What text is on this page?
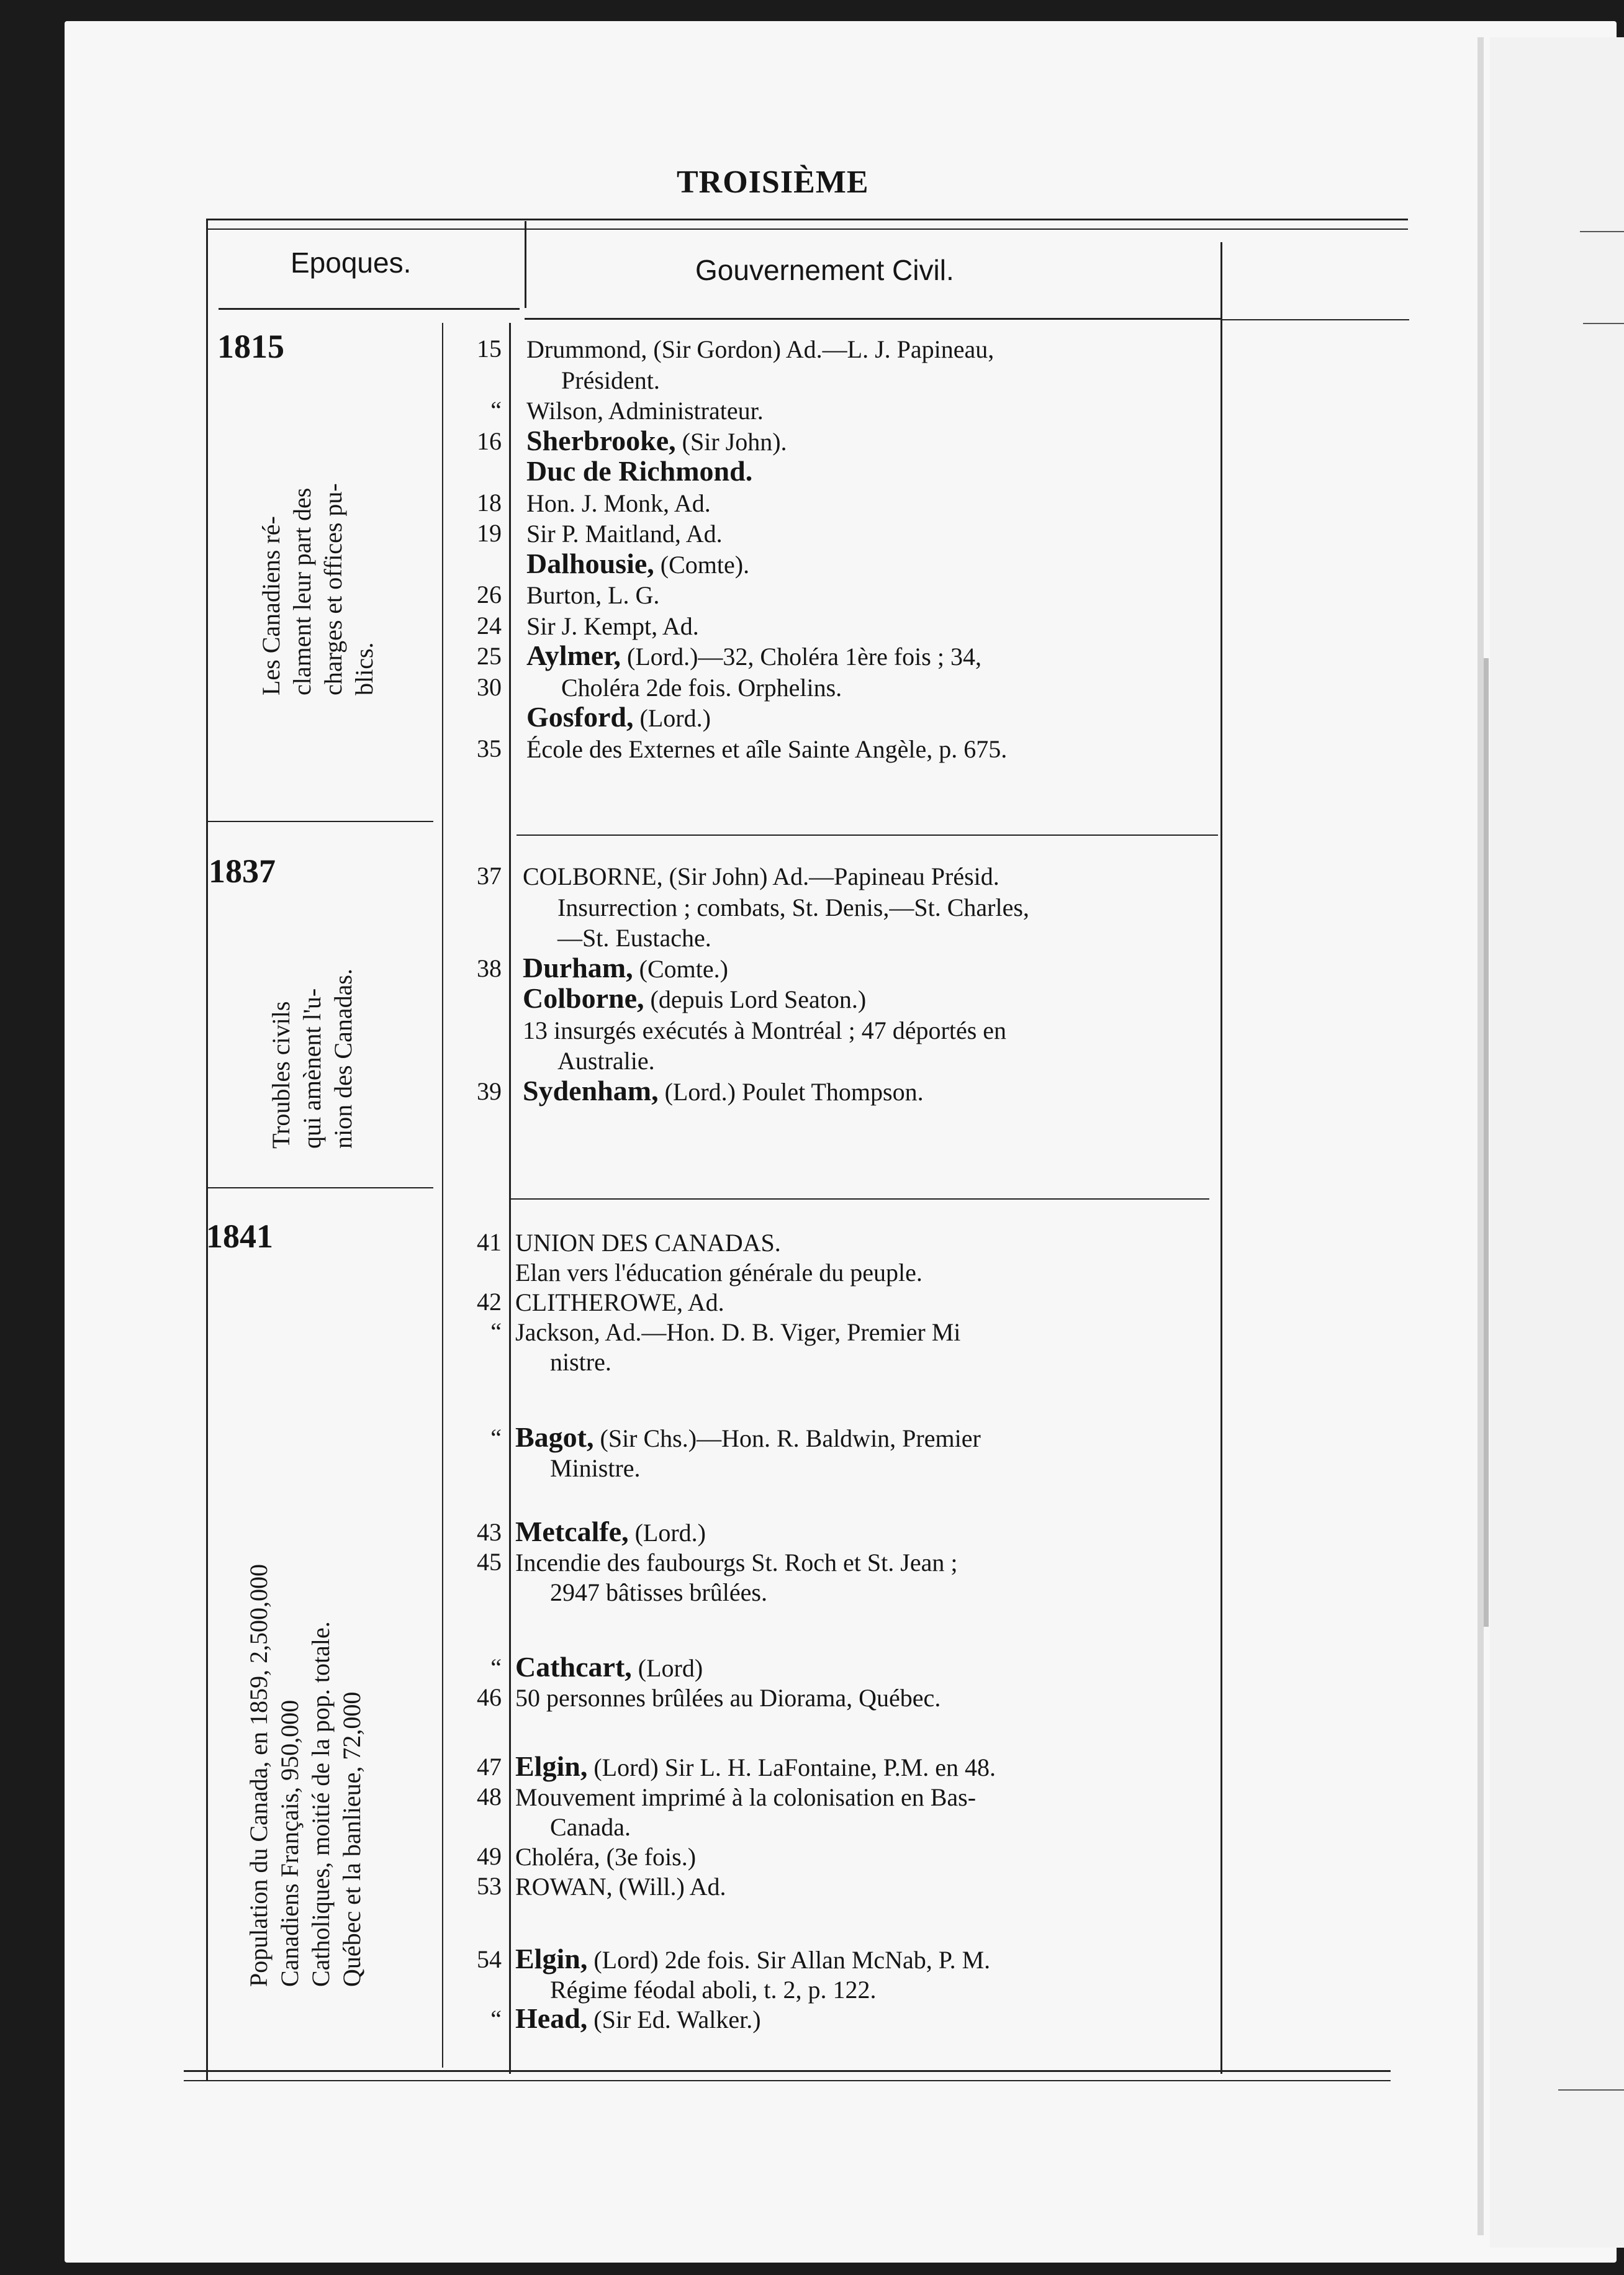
TROISIÈME
Epoques.	Gouvernement Civil.
1815
Les Canadiens ré- clament leur part des charges et offices pu- blics.
15 Drummond, (Sir Gordon) Ad.—L. J. Papineau,
Président.
“ Wilson, Administrateur.
16 Sherbrooke, (Sir John).
Duc de Richmond.
18 Hon. J. Monk, Ad.
19 Sir P. Maitland, Ad.
Dalhousie, (Comte).
26 Burton, L. G.
24 Sir J. Kempt, Ad.
25 Aylmer, (Lord.)—32, Choléra 1ère fois ; 34,
30	Choléra 2de fois. Orphelins.
Gosford, (Lord.)
35 École des Externes et aîle Sainte Angèle, p. 675.
1837
Troubles civils qui amènent l'u- nion des Canadas.
37 COLBORNE, (Sir John) Ad.—Papineau Présid.
Insurrection ; combats, St. Denis,—St. Charles,
—St. Eustache.
38 Durham, (Comte.)
Colborne, (depuis Lord Seaton.)
13 insurgés exécutés à Montréal ; 47 déportés en
Australie.
39 Sydenham, (Lord.) Poulet Thompson.
1841
Population du Canada, en 1859, 2,500,000 Canadiens Français, 950,000 Catholiques, moitié de la pop. totale. Québec et la banlieue, 72,000
41 UNION DES CANADAS.
Elan vers l'éducation générale du peuple.
42 CLITHEROWE, Ad.
“ Jackson, Ad.—Hon. D. B. Viger, Premier Mi
nistre.
“ Bagot, (Sir Chs.)—Hon. R. Baldwin, Premier
Ministre.
43 Metcalfe, (Lord.)
45 Incendie des faubourgs St. Roch et St. Jean ;
2947 bâtisses brûlées.
“ Cathcart, (Lord)
46 50 personnes brûlées au Diorama, Québec.
47 Elgin, (Lord) Sir L. H. LaFontaine, P.M. en 48.
48 Mouvement imprimé à la colonisation en Bas-
Canada.
49 Choléra, (3e fois.)
53 ROWAN, (Will.) Ad.
54 Elgin, (Lord) 2de fois. Sir Allan McNab, P. M.
Régime féodal aboli, t. 2, p. 122.
“ Head, (Sir Ed. Walker.)
